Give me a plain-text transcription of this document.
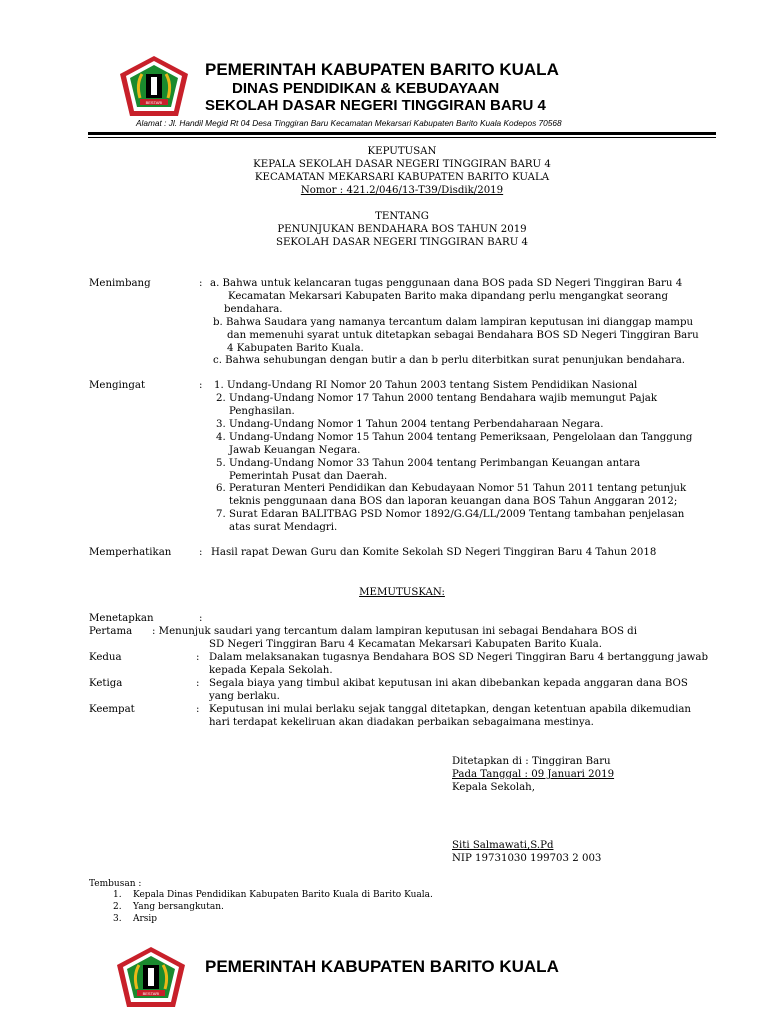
BESTARI
PEMERINTAH KABUPATEN BARITO KUALA
DINAS PENDIDIKAN & KEBUDAYAAN
SEKOLAH DASAR NEGERI TINGGIRAN BARU 4
Alamat : Jl. Handil Megid Rt 04 Desa Tinggiran Baru Kecamatan Mekarsari Kabupaten Barito Kuala Kodepos 70568
KEPUTUSAN
KEPALA SEKOLAH DASAR NEGERI TINGGIRAN BARU 4
KECAMATAN MEKARSARI KABUPATEN BARITO KUALA
Nomor : 421.2/046/13-T39/Disdik/2019
TENTANG
PENUNJUKAN BENDAHARA BOS TAHUN 2019
SEKOLAH DASAR NEGERI TINGGIRAN BARU 4
Menimbang	: a. Bahwa untuk kelancaran tugas penggunaan dana BOS pada SD Negeri Tinggiran Baru 4
Kecamatan Mekarsari Kabupaten Barito maka dipandang perlu mengangkat seorang
bendahara.
b. Bahwa Saudara yang namanya tercantum dalam lampiran keputusan ini dianggap mampu
dan memenuhi syarat untuk ditetapkan sebagai Bendahara BOS SD Negeri Tinggiran Baru
4 Kabupaten Barito Kuala.
c. Bahwa sehubungan dengan butir a dan b perlu diterbitkan surat penunjukan bendahara.
Mengingat	: 1. Undang-Undang RI Nomor 20 Tahun 2003 tentang Sistem Pendidikan Nasional
2. Undang-Undang Nomor 17 Tahun 2000 tentang Bendahara wajib memungut Pajak
Penghasilan.
3. Undang-Undang Nomor 1 Tahun 2004 tentang Perbendaharaan Negara.
4. Undang-Undang Nomor 15 Tahun 2004 tentang Pemeriksaan, Pengelolaan dan Tanggung
Jawab Keuangan Negara.
5. Undang-Undang Nomor 33 Tahun 2004 tentang Perimbangan Keuangan antara
Pemerintah Pusat dan Daerah.
6. Peraturan Menteri Pendidikan dan Kebudayaan Nomor 51 Tahun 2011 tentang petunjuk
teknis penggunaan dana BOS dan laporan keuangan dana BOS Tahun Anggaran 2012;
7. Surat Edaran BALITBAG PSD Nomor 1892/G.G4/LL/2009 Tentang tambahan penjelasan
atas surat Mendagri.
Memperhatikan	: Hasil rapat Dewan Guru dan Komite Sekolah SD Negeri Tinggiran Baru 4 Tahun 2018
MEMUTUSKAN:
Menetapkan	:
Pertama : Menunjuk saudari yang tercantum dalam lampiran keputusan ini sebagai Bendahara BOS di
SD Negeri Tinggiran Baru 4 Kecamatan Mekarsari Kabupaten Barito Kuala.
Kedua	: Dalam melaksanakan tugasnya Bendahara BOS SD Negeri Tinggiran Baru 4 bertanggung jawab
kepada Kepala Sekolah.
Ketiga	: Segala biaya yang timbul akibat keputusan ini akan dibebankan kepada anggaran dana BOS
yang berlaku.
Keempat	: Keputusan ini mulai berlaku sejak tanggal ditetapkan, dengan ketentuan apabila dikemudian
hari terdapat kekeliruan akan diadakan perbaikan sebagaimana mestinya.
Ditetapkan di : Tinggiran Baru
Pada Tanggal : 09 Januari 2019
Kepala Sekolah,
Siti Salmawati,S.Pd
NIP 19731030 199703 2 003
Tembusan :
1. Kepala Dinas Pendidikan Kabupaten Barito Kuala di Barito Kuala.
2. Yang bersangkutan.
3. Arsip
BESTARI
PEMERINTAH KABUPATEN BARITO KUALA
